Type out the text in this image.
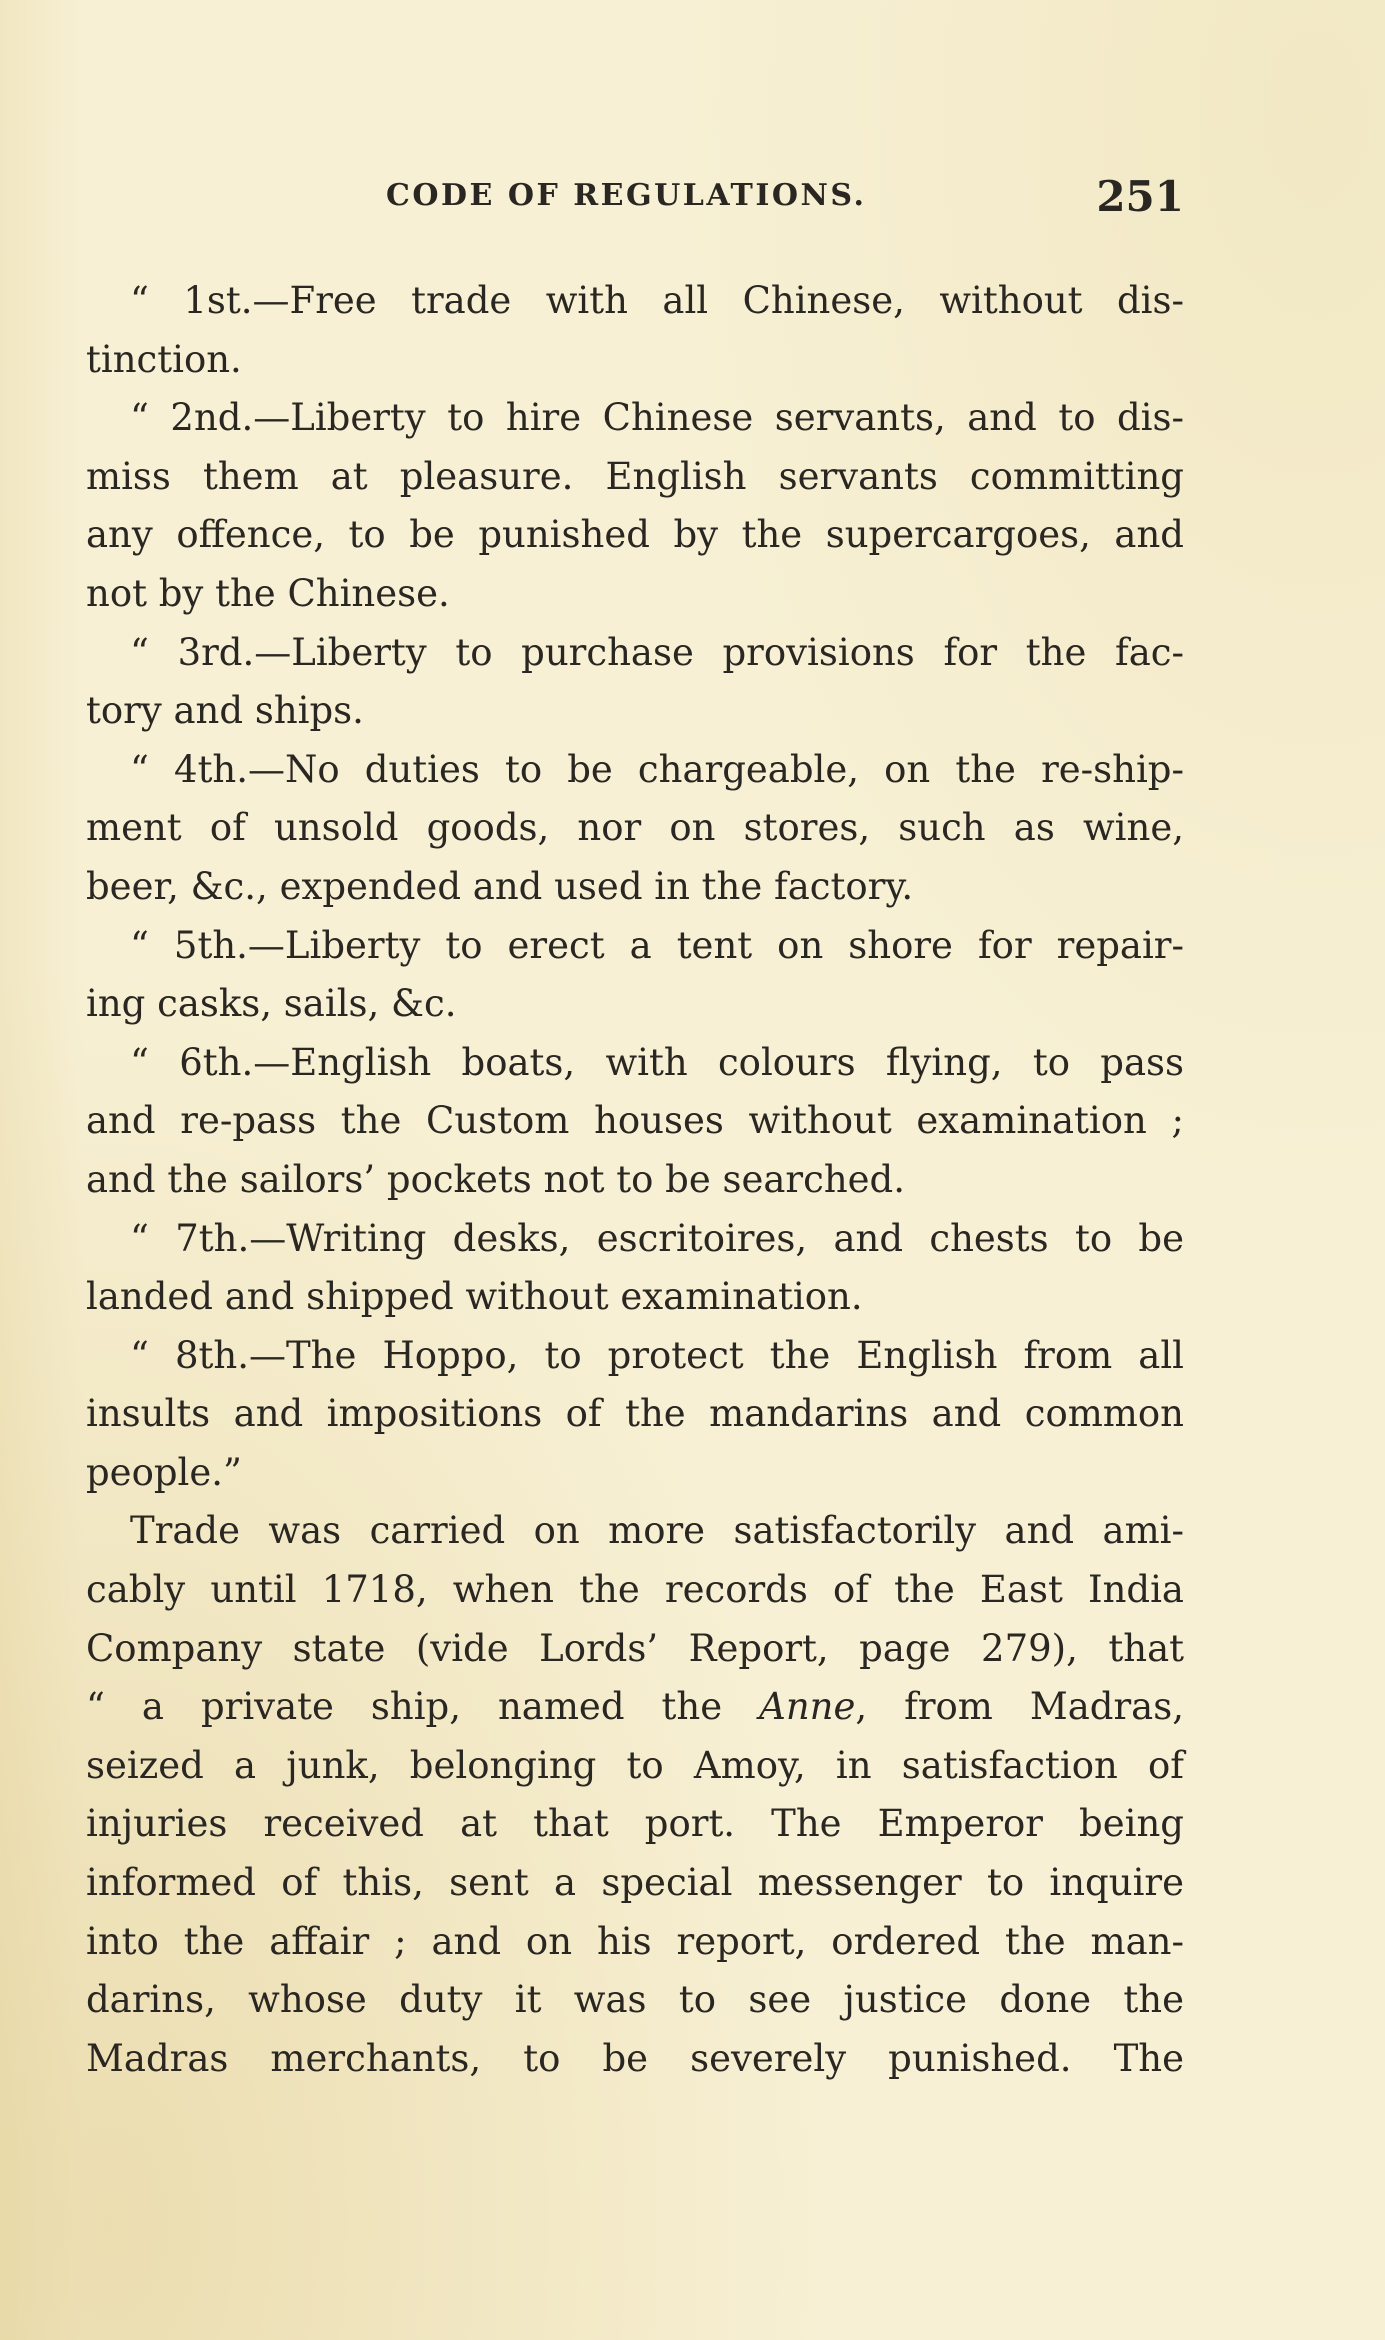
CODE OF REGULATIONS.	251
“ 1st.—Free trade with all Chinese, without dis-
tinction.
“ 2nd.—Liberty to hire Chinese servants, and to dis-
miss them at pleasure. English servants committing
any offence, to be punished by the supercargoes, and
not by the Chinese.
“ 3rd.—Liberty to purchase provisions for the fac-
tory and ships.
“ 4th.—No duties to be chargeable, on the re-ship-
ment of unsold goods, nor on stores, such as wine,
beer, &c., expended and used in the factory.
“ 5th.—Liberty to erect a tent on shore for repair-
ing casks, sails, &c.
“ 6th.—English boats, with colours flying, to pass
and re-pass the Custom houses without examination ;
and the sailors’ pockets not to be searched.
“ 7th.—Writing desks, escritoires, and chests to be
landed and shipped without examination.
“ 8th.—The Hoppo, to protect the English from all
insults and impositions of the mandarins and common
people.”
Trade was carried on more satisfactorily and ami-
cably until 1718, when the records of the East India
Company state (vide Lords’ Report, page 279), that
“ a private ship, named the Anne, from Madras,
seized a junk, belonging to Amoy, in satisfaction of
injuries received at that port. The Emperor being
informed of this, sent a special messenger to inquire
into the affair ; and on his report, ordered the man-
darins, whose duty it was to see justice done the
Madras merchants, to be severely punished. The
